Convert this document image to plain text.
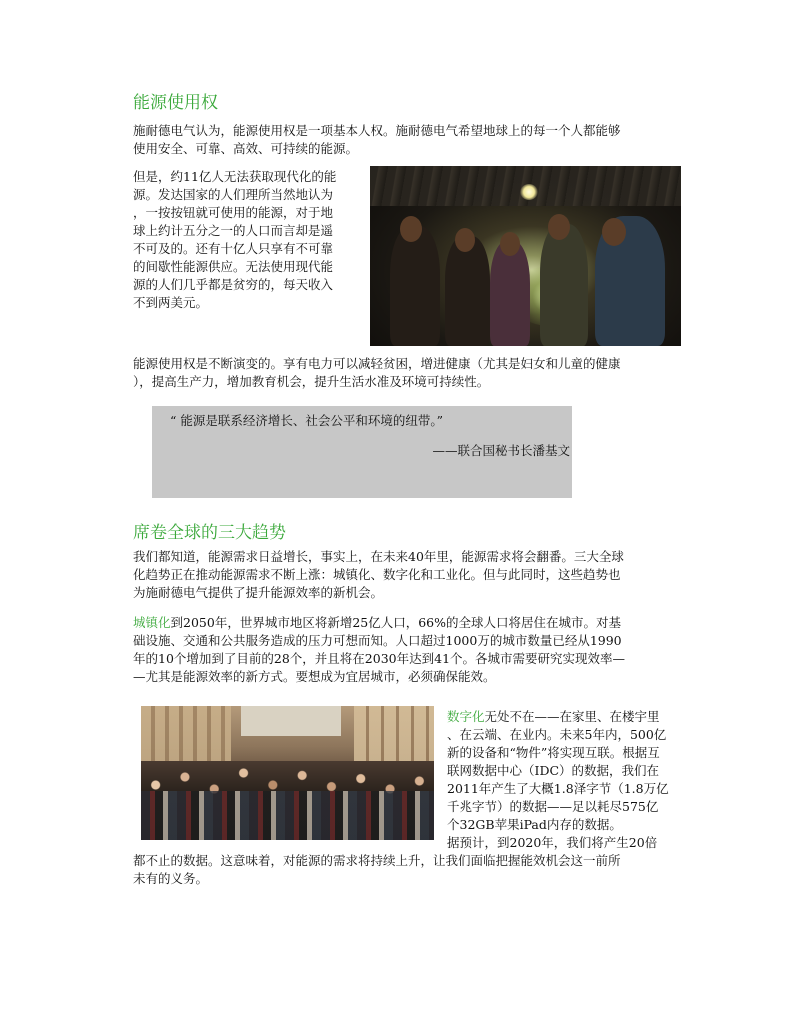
能源使用权
施耐德电气认为，能源使用权是一项基本人权。施耐德电气希望地球上的每一个人都能够
使用安全、可靠、高效、可持续的能源。
但是，约11亿人无法获取现代化的能
源。发达国家的人们理所当然地认为
，一按按钮就可使用的能源，对于地
球上约计五分之一的人口而言却是遥
不可及的。还有十亿人只享有不可靠
的间歇性能源供应。无法使用现代能
源的人们几乎都是贫穷的，每天收入
不到两美元。
能源使用权是不断演变的。享有电力可以减轻贫困，增进健康（尤其是妇女和儿童的健康
），提高生产力，增加教育机会，提升生活水准及环境可持续性。
“ 能源是联系经济增长、社会公平和环境的纽带。”
——联合国秘书长潘基文
席卷全球的三大趋势
我们都知道，能源需求日益增长，事实上，在未来40年里，能源需求将会翻番。三大全球
化趋势正在推动能源需求不断上涨：城镇化、数字化和工业化。但与此同时，这些趋势也
为施耐德电气提供了提升能源效率的新机会。
城镇化到2050年，世界城市地区将新增25亿人口，66%的全球人口将居住在城市。对基
础设施、交通和公共服务造成的压力可想而知。人口超过1000万的城市数量已经从1990
年的10个增加到了目前的28个，并且将在2030年达到41个。各城市需要研究实现效率—
—尤其是能源效率的新方式。要想成为宜居城市，必须确保能效。
数字化无处不在——在家里、在楼宇里
、在云端、在业内。未来5年内，500亿
新的设备和“物件”将实现互联。根据互
联网数据中心（IDC）的数据，我们在
2011年产生了大概1.8泽字节（1.8万亿
千兆字节）的数据——足以耗尽575亿
个32GB苹果iPad内存的数据。
据预计，到2020年，我们将产生20倍
都不止的数据。这意味着，对能源的需求将持续上升，让我们面临把握能效机会这一前所
未有的义务。
